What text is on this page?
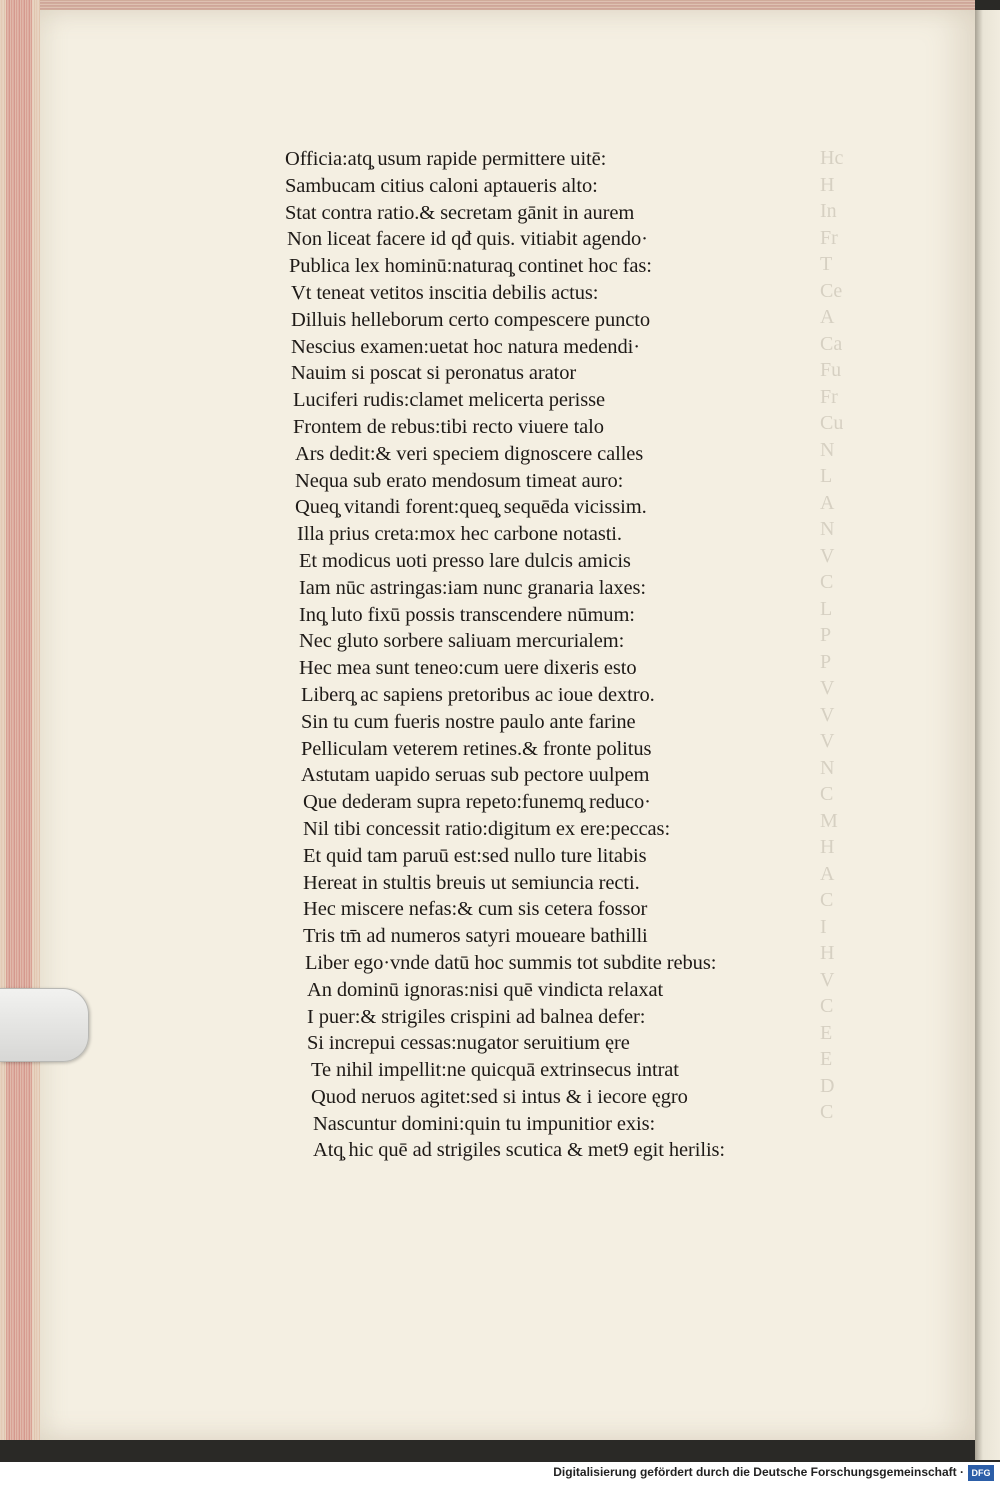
Hc
H
In
Fr
T
Ce
A
Ca
Fu
Fr
Cu
N
L
A
N
V
C
L
P
P
V
V
V
N
C
M
H
A
C
I
H
V
C
E
E
D
C
Officia:atq̧ usum rapide permittere uitē:
Sambucam citius caloni aptaueris alto:
Stat contra ratio.& secretam gānit in aurem
Non liceat facere id qđ quis. vitiabit agendo·
Publica lex hominū:naturaq̧ continet hoc fas:
Vt teneat vetitos inscitia debilis actus:
Dilluis helleborum certo compescere puncto
Nescius examen:uetat hoc natura medendi·
Nauim si poscat si peronatus arator
Luciferi rudis:clamet melicerta perisse
Frontem de rebus:tibi recto viuere talo
Ars dedit:& veri speciem dignoscere calles
Nequa sub erato mendosum timeat auro:
Queq̧ vitandi forent:queq̧ sequēda vicissim.
Illa prius creta:mox hec carbone notasti.
Et modicus uoti presso lare dulcis amicis
Iam nūc astringas:iam nunc granaria laxes:
Inq̧ luto fixū possis transcendere nūmum:
Nec gluto sorbere saliuam mercurialem:
Hec mea sunt teneo:cum uere dixeris esto
Liberq̧ ac sapiens pretoribus ac ioue dextro.
Sin tu cum fueris nostre paulo ante farine
Pelliculam veterem retines.& fronte politus
Astutam uapido seruas sub pectore uulpem
Que dederam supra repeto:funemq̧ reduco·
Nil tibi concessit ratio:digitum ex ere:peccas:
Et quid tam paruū est:sed nullo ture litabis
Hereat in stultis breuis ut semiuncia recti.
Hec miscere nefas:& cum sis cetera fossor
Tris tm̄ ad numeros satyri moueare bathilli
Liber ego·vnde datū hoc summis tot subdite rebus:
An dominū ignoras:nisi quē vindicta relaxat
I puer:& strigiles crispini ad balnea defer:
Si increpui cessas:nugator seruitium ęre
Te nihil impellit:ne quicquā extrinsecus intrat
Quod neruos agitet:sed si intus & i iecore ęgro
Nascuntur domini:quin tu impunitior exis:
Atq̧ hic quē ad strigiles scutica & met9 egit herilis:
Digitalisierung gefördert durch die Deutsche Forschungsgemeinschaft · DFG
